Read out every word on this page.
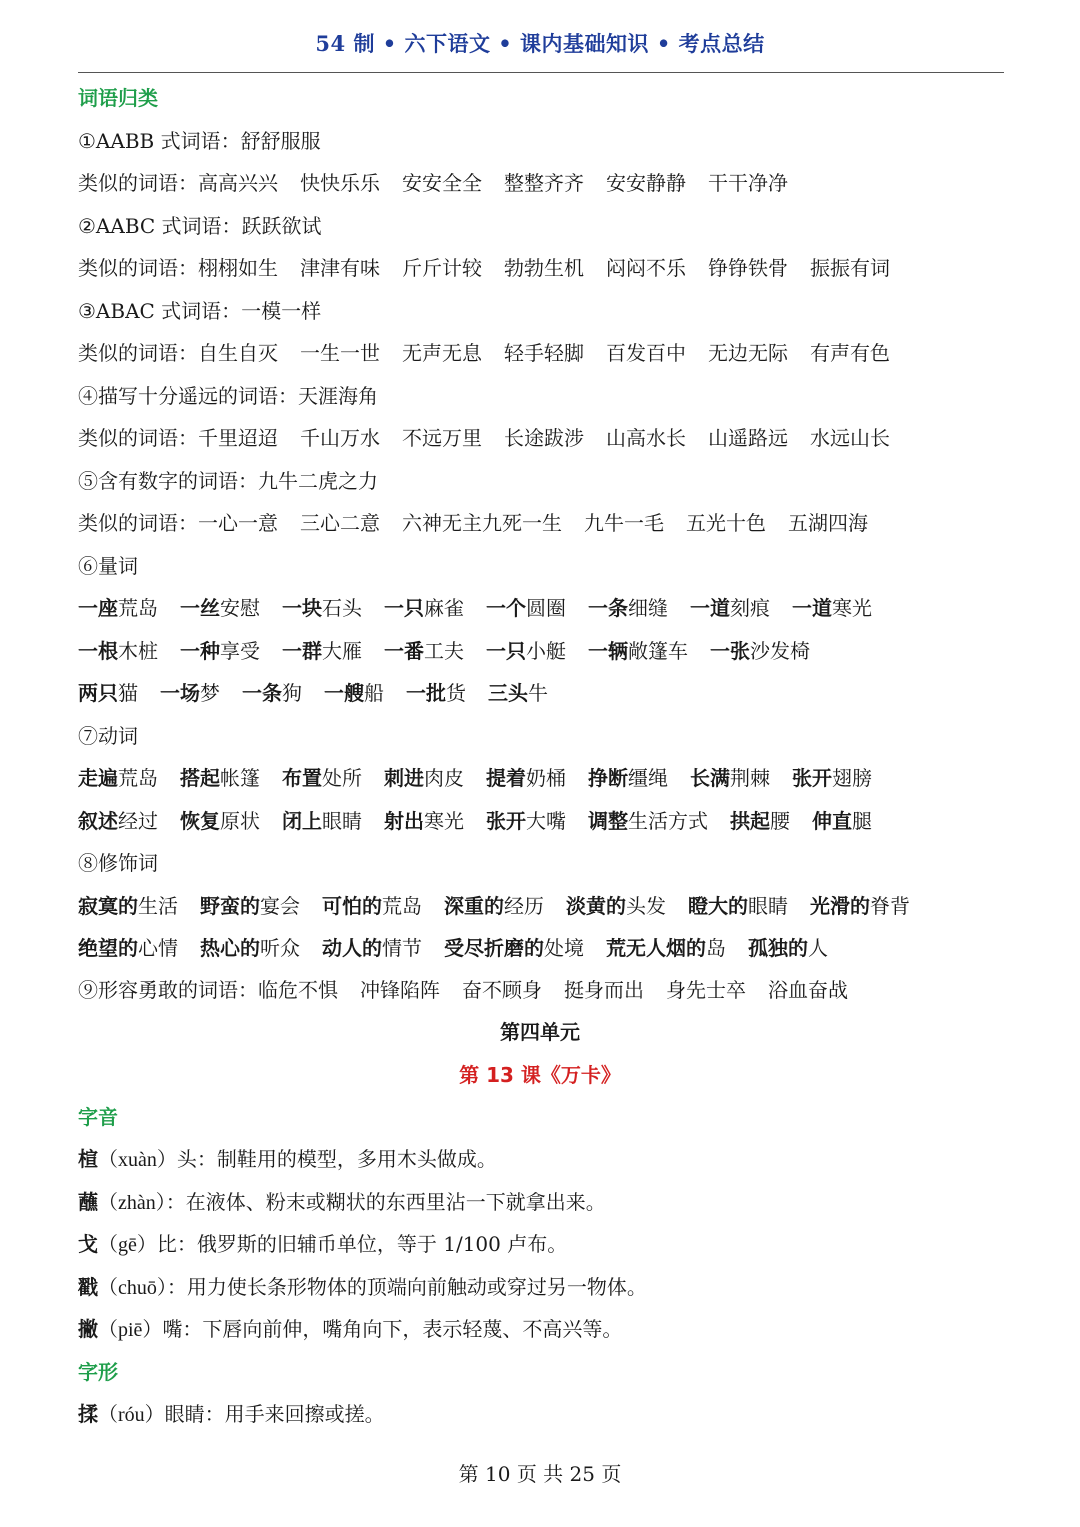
54 制 • 六下语文 • 课内基础知识 • 考点总结
词语归类
①AABB 式词语：舒舒服服
类似的词语：高高兴兴 快快乐乐 安安全全 整整齐齐 安安静静 干干净净
②AABC 式词语：跃跃欲试
类似的词语：栩栩如生 津津有味 斤斤计较 勃勃生机 闷闷不乐 铮铮铁骨 振振有词
③ABAC 式词语：一模一样
类似的词语：自生自灭 一生一世 无声无息 轻手轻脚 百发百中 无边无际 有声有色
④描写十分遥远的词语：天涯海角
类似的词语：千里迢迢 千山万水 不远万里 长途跋涉 山高水长 山遥路远 水远山长
⑤含有数字的词语：九牛二虎之力
类似的词语：一心一意 三心二意 六神无主九死一生 九牛一毛 五光十色 五湖四海
⑥量词
一座荒岛 一丝安慰 一块石头 一只麻雀 一个圆圈 一条细缝 一道刻痕 一道寒光
一根木桩 一种享受 一群大雁 一番工夫 一只小艇 一辆敞篷车 一张沙发椅
两只猫 一场梦 一条狗 一艘船 一批货 三头牛
⑦动词
走遍荒岛 搭起帐篷 布置处所 刺进肉皮 提着奶桶 挣断缰绳 长满荆棘 张开翅膀
叙述经过 恢复原状 闭上眼睛 射出寒光 张开大嘴 调整生活方式 拱起腰 伸直腿
⑧修饰词
寂寞的生活 野蛮的宴会 可怕的荒岛 深重的经历 淡黄的头发 瞪大的眼睛 光滑的脊背
绝望的心情 热心的听众 动人的情节 受尽折磨的处境 荒无人烟的岛 孤独的人
⑨形容勇敢的词语：临危不惧 冲锋陷阵 奋不顾身 挺身而出 身先士卒 浴血奋战
第四单元
第 13 课《万卡》
字音
楦（xuàn）头：制鞋用的模型，多用木头做成。
蘸（zhàn）：在液体、粉末或糊状的东西里沾一下就拿出来。
戈（gē）比：俄罗斯的旧辅币单位，等于 1/100 卢布。
戳（chuō）：用力使长条形物体的顶端向前触动或穿过另一物体。
撇（piē）嘴：下唇向前伸，嘴角向下，表示轻蔑、不高兴等。
字形
揉（róu）眼睛：用手来回擦或搓。
第 10 页 共 25 页
